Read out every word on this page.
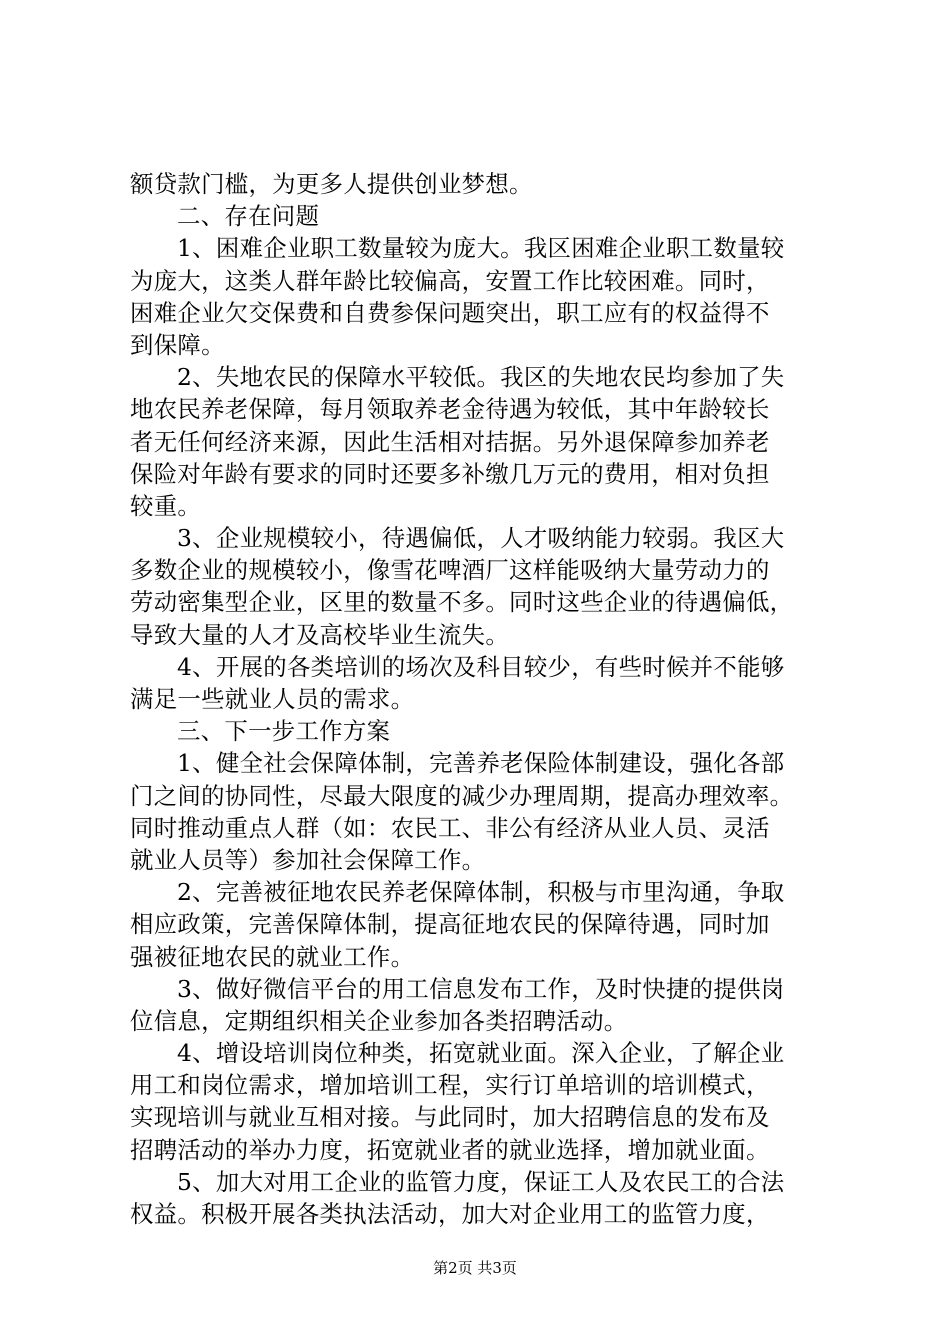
额贷款门槛，为更多人提供创业梦想。
二、存在问题
1、困难企业职工数量较为庞大。我区困难企业职工数量较
为庞大，这类人群年龄比较偏高，安置工作比较困难。同时，
困难企业欠交保费和自费参保问题突出，职工应有的权益得不
到保障。
2、失地农民的保障水平较低。我区的失地农民均参加了失
地农民养老保障，每月领取养老金待遇为较低，其中年龄较长
者无任何经济来源，因此生活相对拮据。另外退保障参加养老
保险对年龄有要求的同时还要多补缴几万元的费用，相对负担
较重。
3、企业规模较小，待遇偏低，人才吸纳能力较弱。我区大
多数企业的规模较小，像雪花啤酒厂这样能吸纳大量劳动力的
劳动密集型企业，区里的数量不多。同时这些企业的待遇偏低，
导致大量的人才及高校毕业生流失。
4、开展的各类培训的场次及科目较少，有些时候并不能够
满足一些就业人员的需求。
三、下一步工作方案
1、健全社会保障体制，完善养老保险体制建设，强化各部
门之间的协同性，尽最大限度的减少办理周期，提高办理效率。
同时推动重点人群（如：农民工、非公有经济从业人员、灵活
就业人员等）参加社会保障工作。
2、完善被征地农民养老保障体制，积极与市里沟通，争取
相应政策，完善保障体制，提高征地农民的保障待遇，同时加
强被征地农民的就业工作。
3、做好微信平台的用工信息发布工作，及时快捷的提供岗
位信息，定期组织相关企业参加各类招聘活动。
4、增设培训岗位种类，拓宽就业面。深入企业，了解企业
用工和岗位需求，增加培训工程，实行订单培训的培训模式，
实现培训与就业互相对接。与此同时，加大招聘信息的发布及
招聘活动的举办力度，拓宽就业者的就业选择，增加就业面。
5、加大对用工企业的监管力度，保证工人及农民工的合法
权益。积极开展各类执法活动，加大对企业用工的监管力度，
第2页 共3页
